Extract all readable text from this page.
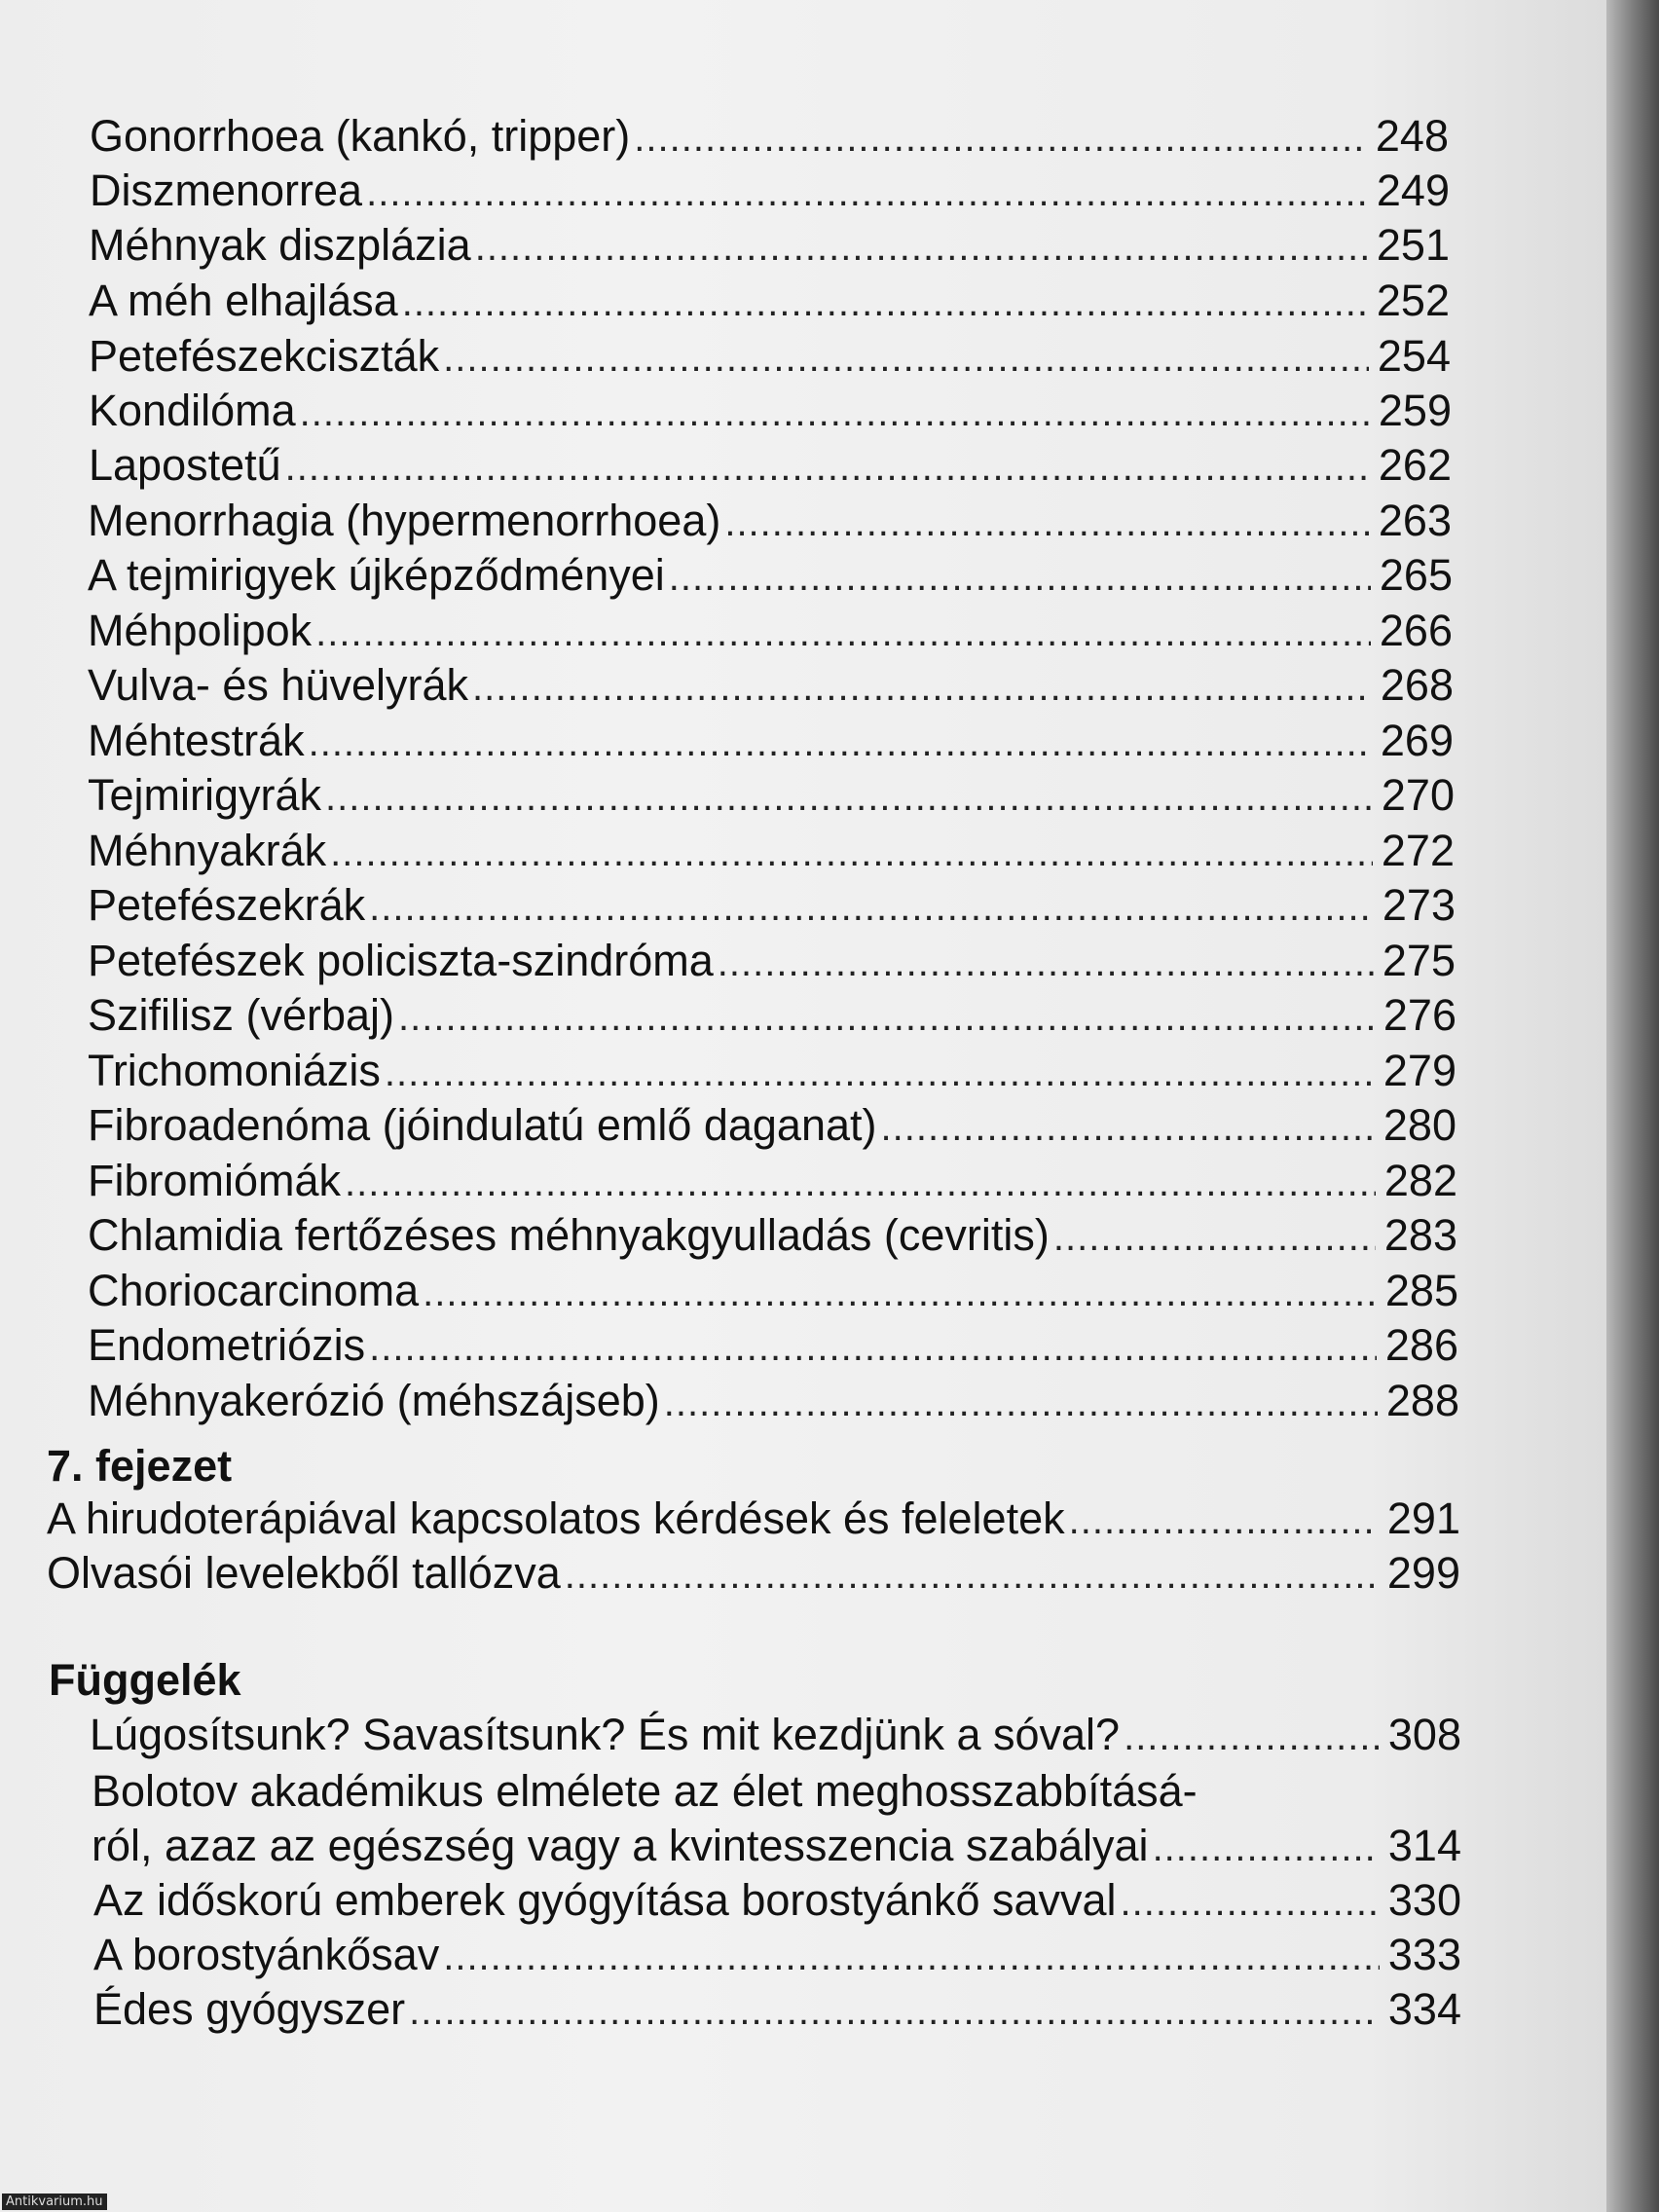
Gonorrhoea (kankó, tripper) .....	248
Diszmenorrea .....	249
Méhnyak diszplázia .....	251
A méh elhajlása .....	252
Petefészekciszták .....	254
Kondilóma .....	259
Lapostetű .....	262
Menorrhagia (hypermenorrhoea) .....	263
A tejmirigyek újképződményei .....	265
Méhpolipok .....	266
Vulva- és hüvelyrák .....	268
Méhtestrák .....	269
Tejmirigyrák .....	270
Méhnyakrák .....	272
Petefészekrák .....	273
Petefészek policiszta-szindróma .....	275
Szifilisz (vérbaj) .....	276
Trichomoniázis .....	279
Fibroadenóma (jóindulatú emlő daganat) .....	280
Fibromiómák .....	282
Chlamidia fertőzéses méhnyakgyulladás (cevritis) .....	283
Choriocarcinoma .....	285
Endometriózis .....	286
Méhnyakerózió (méhszájseb) .....	288
7. fejezet
A hirudoterápiával kapcsolatos kérdések és feleletek .....	291
Olvasói levelekből tallózva .....	299
Függelék
Lúgosítsunk? Savasítsunk? És mit kezdjünk a sóval? .....	308
Bolotov akadémikus elmélete az élet meghosszabbításá-
ról, azaz az egészség vagy a kvintesszencia szabályai .....	314
Az időskorú emberek gyógyítása borostyánkő savval .....	330
A borostyánkősav .....	333
Édes gyógyszer .....	334
Antikvarium.hu
